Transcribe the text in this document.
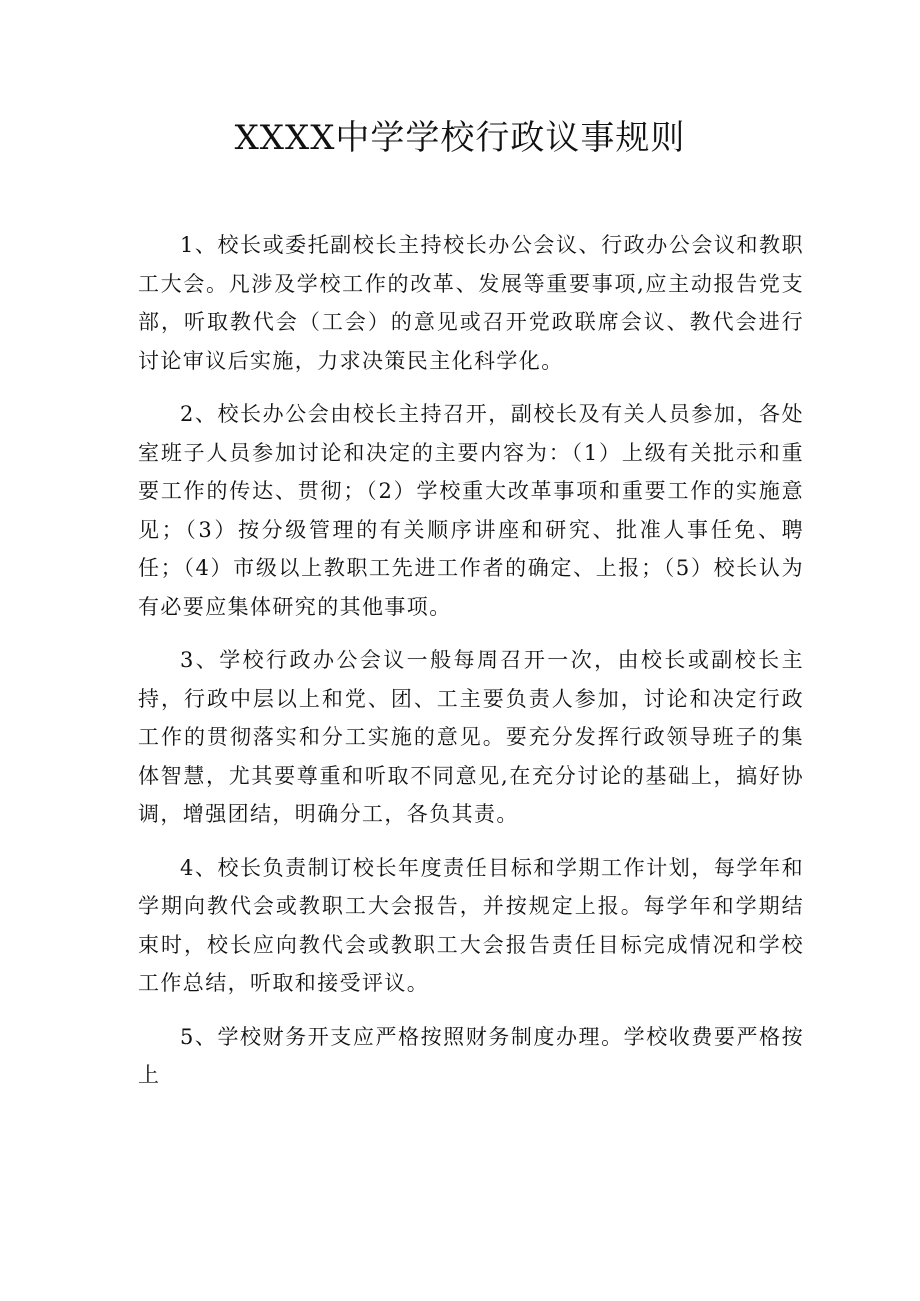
XXXX中学学校行政议事规则

1、校长或委托副校长主持校长办公会议、行政办公会议和教职工大会。凡涉及学校工作的改革、发展等重要事项,应主动报告党支部，听取教代会（工会）的意见或召开党政联席会议、教代会进行讨论审议后实施，力求决策民主化科学化。

2、校长办公会由校长主持召开，副校长及有关人员参加，各处室班子人员参加讨论和决定的主要内容为：（1）上级有关批示和重要工作的传达、贯彻；（2）学校重大改革事项和重要工作的实施意见；（3）按分级管理的有关顺序讲座和研究、批准人事任免、聘任；（4）市级以上教职工先进工作者的确定、上报；（5）校长认为有必要应集体研究的其他事项。

3、学校行政办公会议一般每周召开一次，由校长或副校长主持，行政中层以上和党、团、工主要负责人参加，讨论和决定行政工作的贯彻落实和分工实施的意见。要充分发挥行政领导班子的集体智慧，尤其要尊重和听取不同意见,在充分讨论的基础上，搞好协调，增强团结，明确分工，各负其责。

4、校长负责制订校长年度责任目标和学期工作计划，每学年和学期向教代会或教职工大会报告，并按规定上报。每学年和学期结束时，校长应向教代会或教职工大会报告责任目标完成情况和学校工作总结，听取和接受评议。

5、学校财务开支应严格按照财务制度办理。学校收费要严格按上
